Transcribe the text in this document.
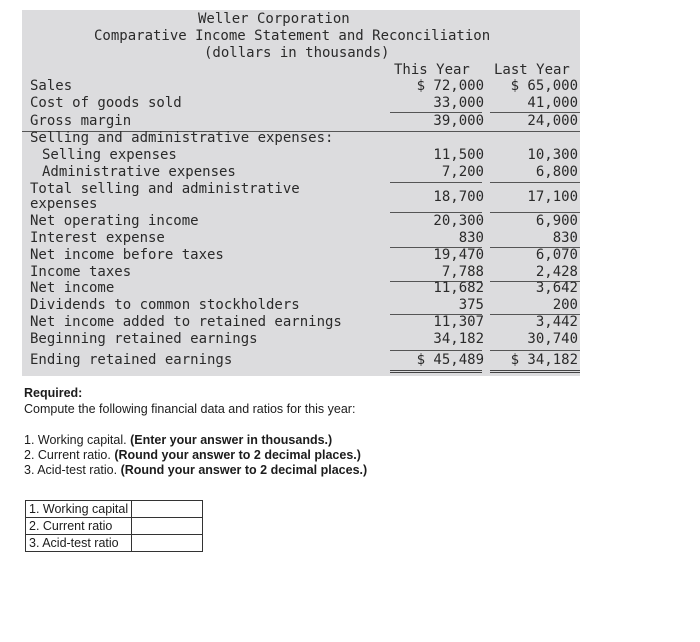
Weller Corporation
Comparative Income Statement and Reconciliation
(dollars in thousands)
This Year Last Year
Sales	$ 72,000	$ 65,000
Cost of goods sold	33,000	41,000
Gross margin	39,000	24,000
Selling and administrative expenses:
Selling expenses	11,500	10,300
Administrative expenses	7,200	6,800
Total selling and administrative	18,700	17,100
expenses
Net operating income	20,300	6,900
Interest expense	830	830
Net income before taxes	19,470	6,070
Income taxes	7,788	2,428
Net income	11,682	3,642
Dividends to common stockholders	375	200
Net income added to retained earnings	11,307	3,442
Beginning retained earnings	34,182	30,740
Ending retained earnings	$ 45,489	$ 34,182
Required:
Compute the following financial data and ratios for this year:
1. Working capital. (Enter your answer in thousands.)
2. Current ratio. (Round your answer to 2 decimal places.)
3. Acid-test ratio. (Round your answer to 2 decimal places.)
1. Working capital	
2. Current ratio	
3. Acid-test ratio	
